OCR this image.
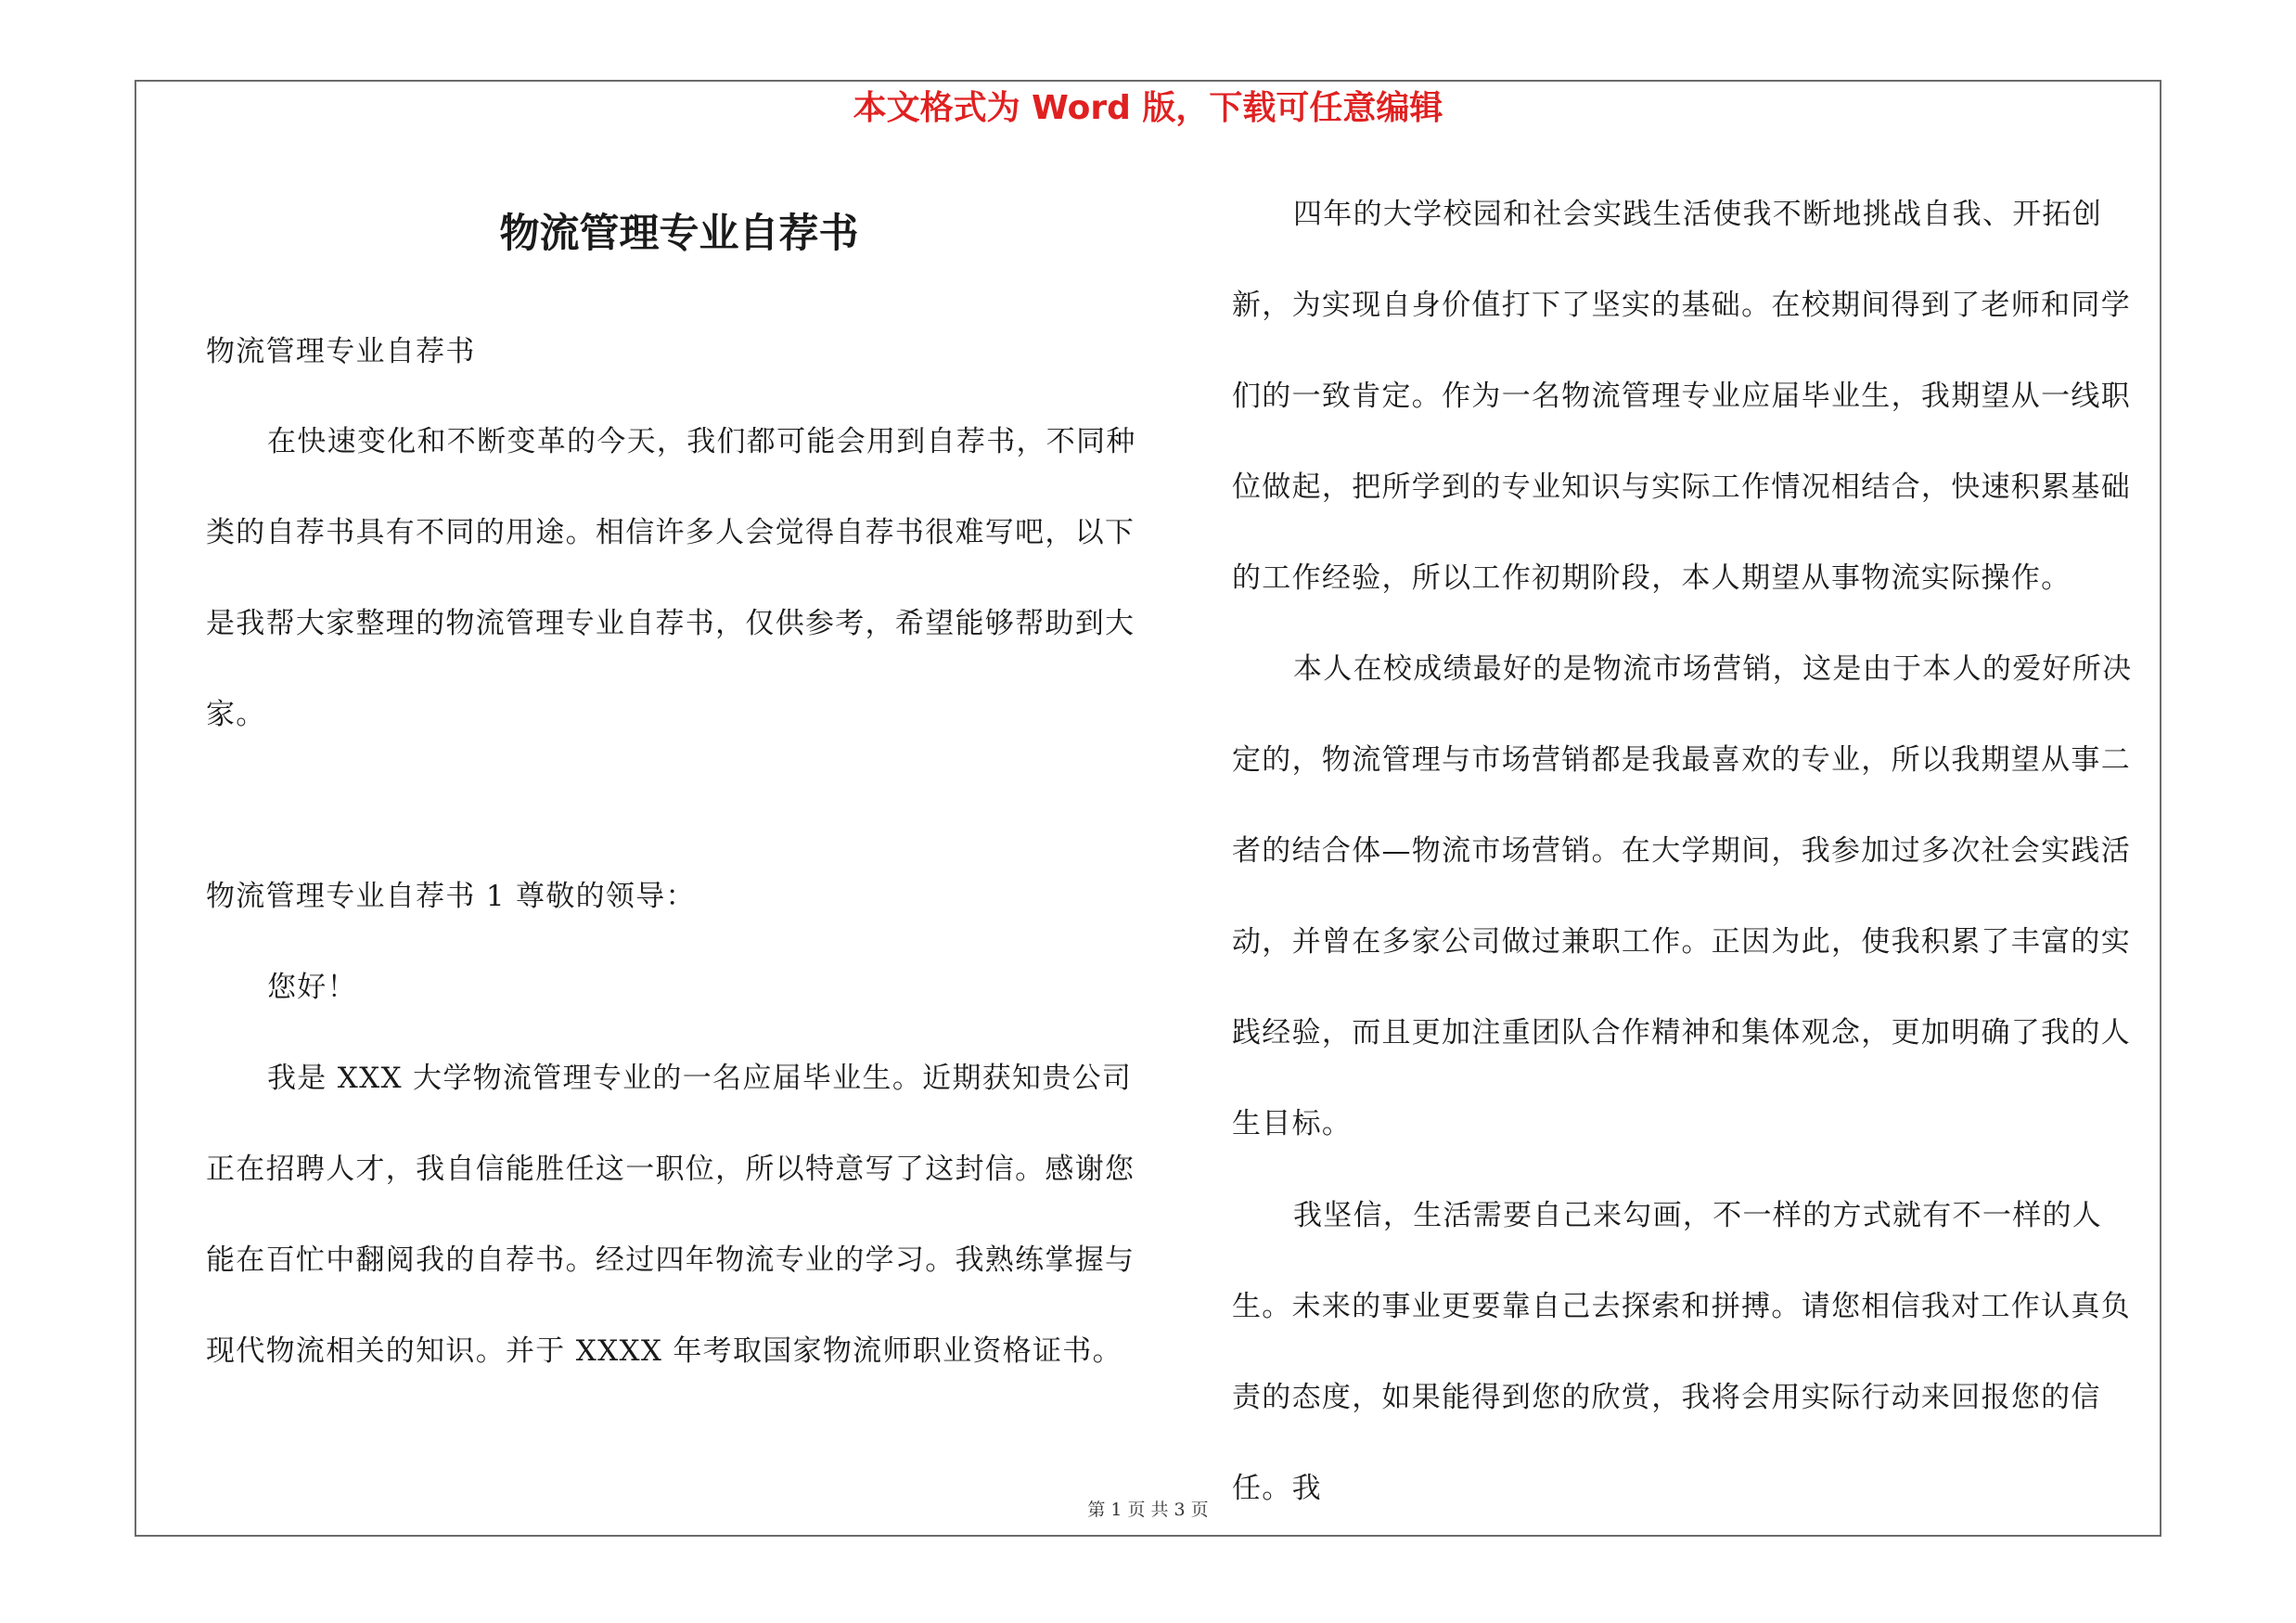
本文格式为 Word 版，下载可任意编辑
物流管理专业自荐书

物流管理专业自荐书

在快速变化和不断变革的今天，我们都可能会用到自荐书，不同种类的自荐书具有不同的用途。相信许多人会觉得自荐书很难写吧，以下是我帮大家整理的物流管理专业自荐书，仅供参考，希望能够帮助到大家。

物流管理专业自荐书 1 尊敬的领导：

您好！

我是 XXX 大学物流管理专业的一名应届毕业生。近期获知贵公司正在招聘人才，我自信能胜任这一职位，所以特意写了这封信。感谢您能在百忙中翻阅我的自荐书。经过四年物流专业的学习。我熟练掌握与现代物流相关的知识。并于 XXXX 年考取国家物流师职业资格证书。

四年的大学校园和社会实践生活使我不断地挑战自我、开拓创新，为实现自身价值打下了坚实的基础。在校期间得到了老师和同学们的一致肯定。作为一名物流管理专业应届毕业生，我期望从一线职位做起，把所学到的专业知识与实际工作情况相结合，快速积累基础的工作经验，所以工作初期阶段，本人期望从事物流实际操作。

本人在校成绩最好的是物流市场营销，这是由于本人的爱好所决定的，物流管理与市场营销都是我最喜欢的专业，所以我期望从事二者的结合体—物流市场营销。在大学期间，我参加过多次社会实践活动，并曾在多家公司做过兼职工作。正因为此，使我积累了丰富的实践经验，而且更加注重团队合作精神和集体观念，更加明确了我的人生目标。

我坚信，生活需要自己来勾画，不一样的方式就有不一样的人生。未来的事业更要靠自己去探索和拼搏。请您相信我对工作认真负责的态度，如果能得到您的欣赏，我将会用实际行动来回报您的信任。我

第 1 页 共 3 页
